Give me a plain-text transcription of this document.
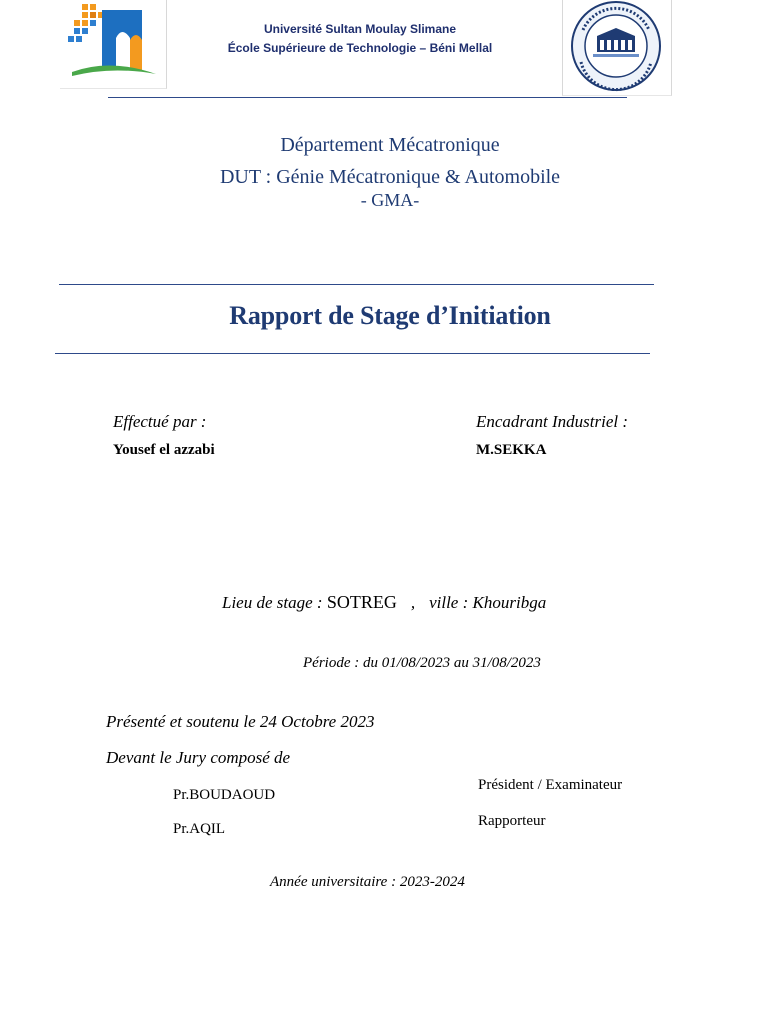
Université Sultan Moulay Slimane
École Supérieure de Technologie – Béni Mellal
Département Mécatronique
DUT : Génie Mécatronique & Automobile
- GMA-
Rapport de Stage d’Initiation
Effectué par :
Yousef el azzabi
Encadrant Industriel :
M.SEKKA
Lieu de stage : SOTREG , ville : Khouribga
Période : du 01/08/2023 au 31/08/2023
Présenté et soutenu le 24 Octobre 2023
Devant le Jury composé de
Pr.BOUDAOUD
Président / Examinateur
Pr.AQIL	Rapporteur
Année universitaire : 2023-2024
